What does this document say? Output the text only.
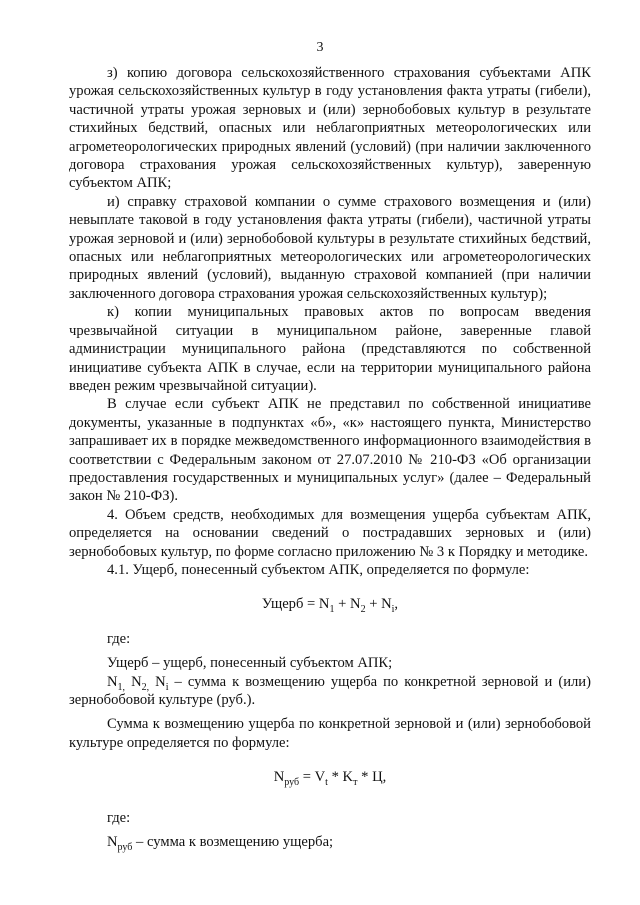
3

з) копию договора сельскохозяйственного страхования субъектами АПК урожая сельскохозяйственных культур в году установления факта утраты (гибели), частичной утраты урожая зерновых и (или) зернобобовых культур в результате стихийных бедствий, опасных или неблагоприятных метеорологических или агрометеорологических природных явлений (условий) (при наличии заключенного договора страхования урожая сельскохозяйственных культур), заверенную субъектом АПК;

и) справку страховой компании о сумме страхового возмещения и (или) невыплате таковой в году установления факта утраты (гибели), частичной утраты урожая зерновой и (или) зернобобовой культуры в результате стихийных бедствий, опасных или неблагоприятных метеорологических или агрометеорологических природных явлений (условий), выданную страховой компанией (при наличии заключенного договора страхования урожая сельскохозяйственных культур);

к) копии муниципальных правовых актов по вопросам введения чрезвычайной ситуации в муниципальном районе, заверенные главой администрации муниципального района (представляются по собственной инициативе субъекта АПК в случае, если на территории муниципального района введен режим чрезвычайной ситуации).

В случае если субъект АПК не представил по собственной инициативе документы, указанные в подпунктах «б», «к» настоящего пункта, Министерство запрашивает их в порядке межведомственного информационного взаимодействия в соответствии с Федеральным законом от 27.07.2010 № 210-ФЗ «Об организации предоставления государственных и муниципальных услуг» (далее – Федеральный закон № 210-ФЗ).

4. Объем средств, необходимых для возмещения ущерба субъектам АПК, определяется на основании сведений о пострадавших зерновых и (или) зернобобовых культур, по форме согласно приложению № 3 к Порядку и методике.

4.1. Ущерб, понесенный субъектом АПК, определяется по формуле:

Ущерб = $N_1 + N_2 + N_i$,

где:

Ущерб – ущерб, понесенный субъектом АПК;

$N_{1,}$ $N_{2,}$ $N_i$ – сумма к возмещению ущерба по конкретной зерновой и (или) зернобобовой культуре (руб.).

Сумма к возмещению ущерба по конкретной зерновой и (или) зернобобовой культуре определяется по формуле:

$N_{руб} = V_t * K_т * Ц$,

где:

$N_{руб}$ – сумма к возмещению ущерба;
